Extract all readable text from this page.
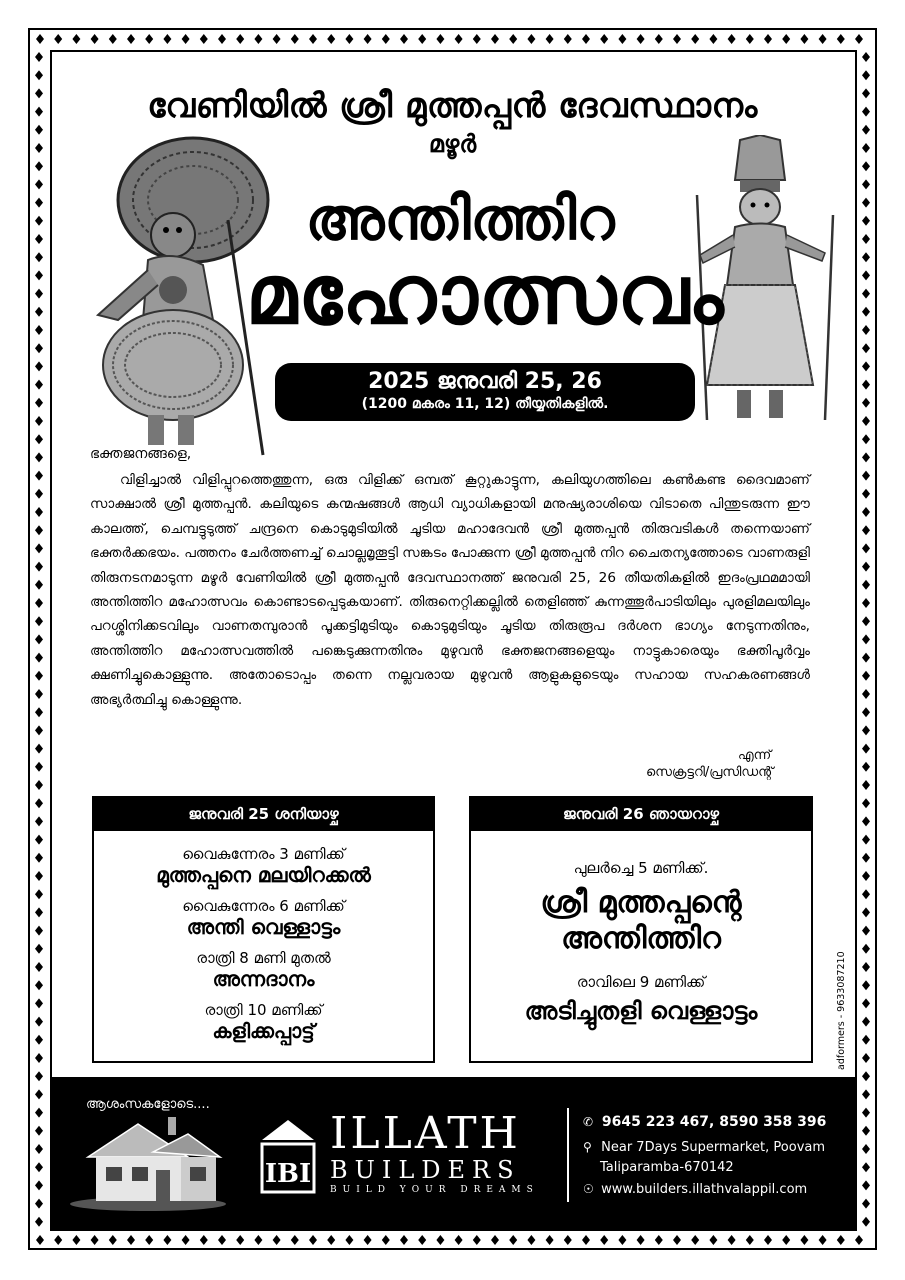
വേണിയിൽ ശ്രീ മുത്തപ്പൻ ദേവസ്ഥാനം
മഴൂർ
അന്തിത്തിറ
മഹോത്സവം
2025 ജനുവരി 25, 26
(1200 മകരം 11, 12) തീയ്യതികളിൽ.
ഭക്തജനങ്ങളെ,
വിളിച്ചാൽ വിളിപ്പുറത്തെത്തുന്ന, ഒരു വിളിക്ക് ഒമ്പത് കൂറ്റുകാട്ടുന്ന, കലിയുഗത്തിലെ കൺകണ്ട ദൈവമാണ് സാക്ഷാൽ ശ്രീ മുത്തപ്പൻ. കലിയുടെ കന്മഷങ്ങൾ ആധി വ്യാധികളായി മനുഷ്യരാശിയെ വിടാതെ പിന്തുടരുന്ന ഈ കാലത്ത്, ചെമ്പട്ടുടുത്ത് ചന്ദ്രനെ കൊടുമുടിയിൽ ചൂടിയ മഹാദേവൻ ശ്രീ മുത്തപ്പൻ തിരുവടികൾ തന്നെയാണ് ഭക്തർക്കഭയം. പത്തനം ചേർത്തണച്ച് ചൊല്ലമൃതൂട്ടി സങ്കടം പോക്കുന്ന ശ്രീ മുത്തപ്പൻ നിറ ചൈതന്യത്തോടെ വാണരുളി തിരുനടനമാടുന്ന മഴൂർ വേണിയിൽ ശ്രീ മുത്തപ്പൻ ദേവസ്ഥാനത്ത് ജനുവരി 25, 26 തീയതികളിൽ ഇദംപ്രഥമമായി അന്തിത്തിറ മഹോത്സവം കൊണ്ടാടപ്പെടുകയാണ്. തിരുനെറ്റിക്കല്ലിൽ തെളിഞ്ഞ് കുന്നത്തൂർപാടിയിലും പുരളിമലയിലും പറശ്ശിനിക്കടവിലും വാണതമ്പുരാൻ പൂക്കട്ടിമുടിയും കൊടുമുടിയും ചൂടിയ തിരുരൂപ ദർശന ഭാഗ്യം നേടുന്നതിനും, അന്തിത്തിറ മഹോത്സവത്തിൽ പങ്കെടുക്കുന്നതിനും മുഴുവൻ ഭക്തജനങ്ങളെയും നാട്ടുകാരെയും ഭക്തിപൂർവ്വം ക്ഷണിച്ചുകൊള്ളുന്നു. അതോടൊപ്പം തന്നെ നല്ലവരായ മുഴുവൻ ആളുകളുടെയും സഹായ സഹകരണങ്ങൾ അഭ്യർത്ഥിച്ചു കൊള്ളുന്നു.
എന്ന്
സെക്രട്ടറി/പ്രസിഡന്റ്
ജനുവരി 25 ശനിയാഴ്ച
വൈകുന്നേരം 3 മണിക്ക്
മുത്തപ്പനെ മലയിറക്കൽ
വൈകുന്നേരം 6 മണിക്ക്
അന്തി വെള്ളാട്ടം
രാത്രി 8 മണി മുതൽ
അന്നദാനം
രാത്രി 10 മണിക്ക്
കളിക്കപ്പാട്ട്
ജനുവരി 26 ഞായറാഴ്ച
പുലർച്ചെ 5 മണിക്ക്.
ശ്രീ മുത്തപ്പന്റെ
അന്തിത്തിറ
രാവിലെ 9 മണിക്ക്
അടിച്ചുതളി വെള്ളാട്ടം	adformers - 9633087210
ആശംസകളോടെ....
IBI
ILLATH
BUILDERS
BUILD YOUR DREAMS
✆ 9645 223 467, 8590 358 396
⚲ Near 7Days Supermarket, Poovam
Taliparamba-670142
☉ www.builders.illathvalappil.com
